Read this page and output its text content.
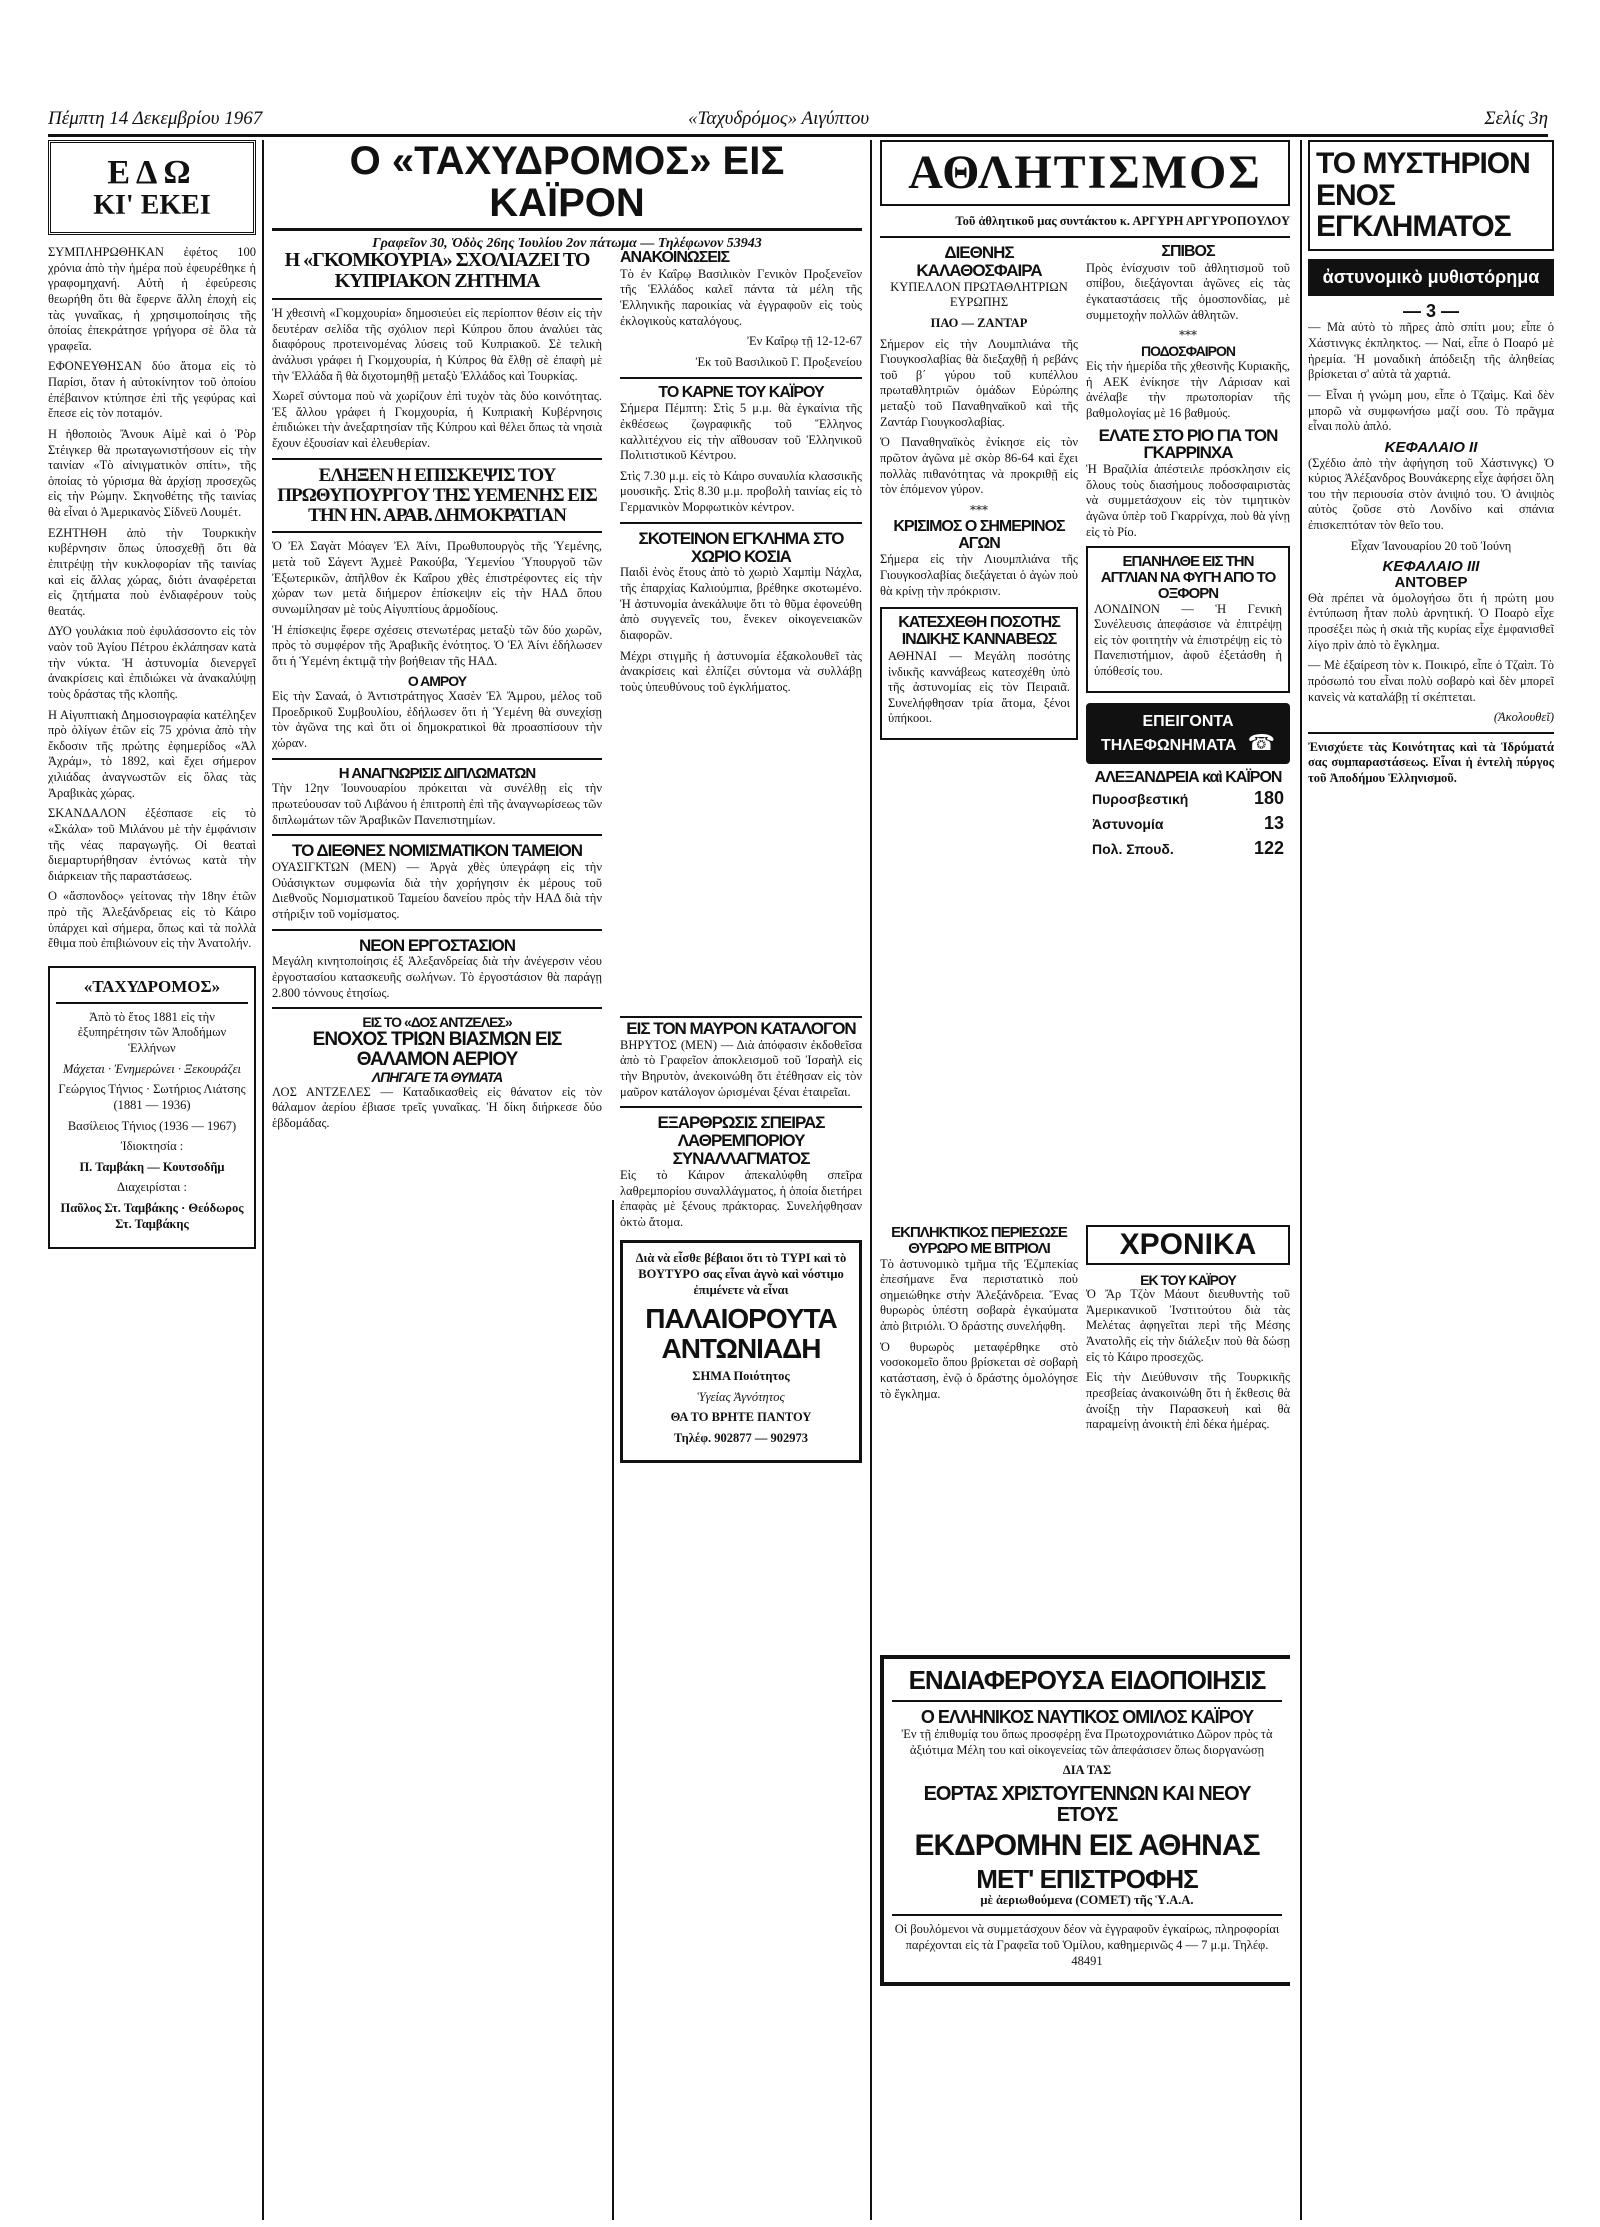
Πέμπτη 14 Δεκεμβρίου 1967	«Ταχυδρόμος» Αιγύπτου	Σελίς 3η
ΕΔΩ
ΚΙ' ΕΚΕΙ

ΣΥΜΠΛΗΡΩΘΗΚΑΝ ἐφέτος 100 χρόνια ἀπὸ τὴν ἡμέρα ποὺ ἐφευρέθηκε ἡ γραφομηχανή. Αὐτὴ ἡ ἐφεύρεσις θεωρήθη ὅτι θὰ ἔφερνε ἄλλη ἐποχὴ εἰς τὰς γυναῖκας, ἡ χρησιμοποίησις τῆς ὁποίας ἐπεκράτησε γρήγορα σὲ ὅλα τὰ γραφεῖα.

ΕΦΟΝΕΥΘΗΣΑΝ δύο ἄτομα εἰς τὸ Παρίσι, ὅταν ἡ αὐτοκίνητον τοῦ ὁποίου ἐπέβαινον κτύπησε ἐπὶ τῆς γεφύρας καὶ ἔπεσε εἰς τὸν ποταμόν.

Η ἠθοποιὸς Ἄνουκ Αἰμὲ καὶ ὁ Ῥὸρ Στέιγκερ θὰ πρωταγωνιστήσουν εἰς τὴν ταινίαν «Τὸ αἰνιγματικὸν σπίτι», τῆς ὁποίας τὸ γύρισμα θὰ ἀρχίσῃ προσεχῶς εἰς τὴν Ρώμην. Σκηνοθέτης τῆς ταινίας θὰ εἶναι ὁ Ἀμερικανὸς Σίδνεϋ Λουμέτ.

ΕΖΗΤΗΘΗ ἀπὸ τὴν Τουρκικὴν κυβέρνησιν ὅπως ὑποσχεθῇ ὅτι θὰ ἐπιτρέψῃ τὴν κυκλοφορίαν τῆς ταινίας καὶ εἰς ἄλλας χώρας, διότι ἀναφέρεται εἰς ζητήματα ποὺ ἐνδιαφέρουν τοὺς θεατάς.

ΔΥΟ γουλάκια ποὺ ἐφυλάσσοντο εἰς τὸν ναὸν τοῦ Ἁγίου Πέτρου ἐκλάπησαν κατὰ τὴν νύκτα. Ἡ ἀστυνομία διενεργεῖ ἀνακρίσεις καὶ ἐπιδιώκει νὰ ἀνακαλύψῃ τοὺς δράστας τῆς κλοπῆς.

Η Αἰγυπτιακὴ Δημοσιογραφία κατέληξεν πρὸ ὀλίγων ἐτῶν εἰς 75 χρόνια ἀπὸ τὴν ἔκδοσιν τῆς πρώτης ἐφημερίδος «Ἀλ Ἀχράμ», τὸ 1892, καὶ ἔχει σήμερον χιλιάδας ἀναγνωστῶν εἰς ὅλας τὰς Ἀραβικὰς χώρας.

ΣΚΑΝΔΑΛΟΝ ἐξέσπασε εἰς τὸ «Σκάλα» τοῦ Μιλάνου μὲ τὴν ἐμφάνισιν τῆς νέας παραγωγῆς. Οἱ θεαταὶ διεμαρτυρήθησαν ἐντόνως κατὰ τὴν διάρκειαν τῆς παραστάσεως.

Ο «ἄσπονδος» γείτονας τὴν 18ην ἐτῶν πρὸ τῆς Ἀλεξάνδρειας εἰς τὸ Κάιρο ὑπάρχει καὶ σήμερα, ὅπως καὶ τὰ πολλὰ ἔθιμα ποὺ ἐπιβιώνουν εἰς τὴν Ἀνατολήν.

«ΤΑΧΥΔΡΟΜΟΣ»
Ἀπὸ τὸ ἔτος 1881 εἰς τὴν ἐξυπηρέτησιν τῶν Ἀποδήμων Ἑλλήνων
Μάχεται · Ἐνημερώνει · Ξεκουράζει
Γεώργιος Τήνιος · Σωτήριος Λιάτσης (1881 — 1936)
Βασίλειος Τήνιος (1936 — 1967)
Ἰδιοκτησία :
Π. Ταμβάκη — Κουτσοδῆμ
Διαχειρίσται :
Παῦλος Στ. Ταμβάκης · Θεόδωρος Στ. Ταμβάκης
Ο «ΤΑΧΥΔΡΟΜΟΣ» ΕΙΣ ΚΑΪΡΟΝ
Γραφεῖον 30, Ὁδὸς 26ης Ἰουλίου 2ον πάτωμα — Τηλέφωνον 53943
Η «ΓΚΟΜΚΟΥΡΙΑ» ΣΧΟΛΙΑΖΕΙ ΤΟ ΚΥΠΡΙΑΚΟΝ ΖΗΤΗΜΑ

Ἡ χθεσινὴ «Γκομχουρία» δημοσιεύει εἰς περίοπτον θέσιν εἰς τὴν δευτέραν σελίδα τῆς σχόλιον περὶ Κύπρου ὅπου ἀναλύει τὰς διαφόρους προτεινομένας λύσεις τοῦ Κυπριακοῦ. Σὲ τελικὴ ἀνάλυσι γράφει ἡ Γκομχουρία, ἡ Κύπρος θὰ ἔλθῃ σὲ ἐπαφὴ μὲ τὴν Ἑλλάδα ἢ θὰ διχοτομηθῇ μεταξὺ Ἑλλάδος καὶ Τουρκίας.

Χωρεῖ σύντομα ποὺ νὰ χωρίζουν ἐπὶ τυχὸν τὰς δύο κοινότητας. Ἐξ ἄλλου γράφει ἡ Γκομχουρία, ἡ Κυπριακὴ Κυβέρνησις ἐπιδιώκει τὴν ἀνεξαρτησίαν τῆς Κύπρου καὶ θέλει ὅπως τὰ νησιὰ ἔχουν ἐξουσίαν καὶ ἐλευθερίαν.

ΕΛΗΞΕΝ Η ΕΠΙΣΚΕΨΙΣ ΤΟΥ ΠΡΩΘΥΠΟΥΡΓΟΥ ΤΗΣ ΥΕΜΕΝΗΣ ΕΙΣ ΤΗΝ ΗΝ. ΑΡΑΒ. ΔΗΜΟΚΡΑΤΙΑΝ

Ὁ Ἐλ Σαγὰτ Μόαγεν Ἐλ Ἀίνι, Πρωθυπουργὸς τῆς Ὑεμένης, μετὰ τοῦ Σάγεντ Ἀχμεὲ Ρακούβα, Ὑεμενίου Ὑπουργοῦ τῶν Ἐξωτερικῶν, ἀπῆλθον ἐκ Καΐρου χθὲς ἐπιστρέφοντες εἰς τὴν χώραν των μετὰ διήμερον ἐπίσκεψιν εἰς τὴν ΗΑΔ ὅπου συνωμίλησαν μὲ τοὺς Αἰγυπτίους ἀρμοδίους.

Ἡ ἐπίσκεψις ἔφερε σχέσεις στενωτέρας μεταξὺ τῶν δύο χωρῶν, πρὸς τὸ συμφέρον τῆς Ἀραβικῆς ἑνότητος. Ὁ Ἐλ Ἀίνι ἐδήλωσεν ὅτι ἡ Ὑεμένη ἐκτιμᾷ τὴν βοήθειαν τῆς ΗΑΔ.

Ο ΑΜΡΟΥ

Εἰς τὴν Σαναά, ὁ Ἀντιστράτηγος Χασὲν Ἐλ Ἄμρου, μέλος τοῦ Προεδρικοῦ Συμβουλίου, ἐδήλωσεν ὅτι ἡ Ὑεμένη θὰ συνεχίσῃ τὸν ἀγῶνα της καὶ ὅτι οἱ δημοκρατικοὶ θὰ προασπίσουν τὴν χώραν.

Η ΑΝΑΓΝΩΡΙΣΙΣ ΔΙΠΛΩΜΑΤΩΝ

Τὴν 12ην Ἰουνουαρίου πρόκειται νὰ συνέλθῃ εἰς τὴν πρωτεύουσαν τοῦ Λιβάνου ἡ ἐπιτροπὴ ἐπὶ τῆς ἀναγνωρίσεως τῶν διπλωμάτων τῶν Ἀραβικῶν Πανεπιστημίων.

ΤΟ ΔΙΕΘΝΕΣ ΝΟΜΙΣΜΑΤΙΚΟΝ ΤΑΜΕΙΟΝ

ΟΥΑΣΙΓΚΤΩΝ (ΜΕΝ) — Ἀργὰ χθὲς ὑπεγράφη εἰς τὴν Οὐάσιγκτων συμφωνία διὰ τὴν χορήγησιν ἐκ μέρους τοῦ Διεθνοῦς Νομισματικοῦ Ταμείου δανείου πρὸς τὴν ΗΑΔ διὰ τὴν στήριξιν τοῦ νομίσματος.

ΝΕΟΝ ΕΡΓΟΣΤΑΣΙΟΝ

Μεγάλη κινητοποίησις ἐξ Ἀλεξανδρείας διὰ τὴν ἀνέγερσιν νέου ἐργοστασίου κατασκευῆς σωλήνων. Τὸ ἐργοστάσιον θὰ παράγῃ 2.800 τόννους ἐτησίως.

ΕΙΣ ΤΟ «ΔΟΣ ΑΝΤΖΕΛΕΣ»
ΕΝΟΧΟΣ ΤΡΙΩΝ ΒΙΑΣΜΩΝ ΕΙΣ ΘΑΛΑΜΟΝ ΑΕΡΙΟΥ
ΛΠΗΓΑΓΕ ΤΑ ΘΥΜΑΤΑ

ΛΟΣ ΑΝΤΖΕΛΕΣ — Καταδικασθεὶς εἰς θάνατον εἰς τὸν θάλαμον ἀερίου ἐβιασε τρεῖς γυναῖκας. Ἡ δίκη διήρκεσε δύο ἑβδομάδας.

ΕΙΣ ΤΟΝ ΜΑΥΡΟΝ ΚΑΤΑΛΟΓΟΝ

ΒΗΡΥΤΟΣ (ΜΕΝ) — Διὰ ἀπόφασιν ἐκδοθεῖσα ἀπὸ τὸ Γραφεῖον ἀποκλεισμοῦ τοῦ Ἰσραὴλ εἰς τὴν Βηρυτὸν, ἀνεκοινώθη ὅτι ἐτέθησαν εἰς τὸν μαῦρον κατάλογον ὡρισμέναι ξέναι ἑταιρεῖαι.

ΕΞΑΡΘΡΩΣΙΣ ΣΠΕΙΡΑΣ ΛΑΘΡΕΜΠΟΡΙΟΥ ΣΥΝΑΛΛΑΓΜΑΤΟΣ

Εἰς τὸ Κάιρον ἀπεκαλύφθη σπεῖρα λαθρεμπορίου συναλλάγματος, ἡ ὁποία διετήρει ἐπαφὰς μὲ ξένους πράκτορας. Συνελήφθησαν ὀκτὼ ἄτομα.

Διὰ νὰ εἶσθε βέβαιοι ὅτι τὸ ΤΥΡΙ καὶ τὸ ΒΟΥΤΥΡΟ σας εἶναι ἀγνὸ καὶ νόστιμο ἐπιμένετε νὰ εἶναι
ΠΑΛΑΙΟΡΟΥΤΑ ΑΝΤΩΝΙΑΔΗ
ΣΗΜΑ Ποιότητος
Ὑγείας Ἀγνότητος
ΘΑ ΤΟ ΒΡΗΤΕ ΠΑΝΤΟΥ
Τηλέφ. 902877 — 902973
ΑΝΑΚΟΙΝΩΣΕΙΣ

Τὸ ἐν Καΐρῳ Βασιλικὸν Γενικὸν Προξενεῖον τῆς Ἑλλάδος καλεῖ πάντα τὰ μέλη τῆς Ἑλληνικῆς παροικίας νὰ ἐγγραφοῦν εἰς τοὺς ἐκλογικοὺς καταλόγους.

Ἐν Καΐρῳ τῇ 12-12-67
Ἐκ τοῦ Βασιλικοῦ Γ. Προξενείου
ΤΟ ΚΑΡΝΕ ΤΟΥ ΚΑΪΡΟΥ

Σήμερα Πέμπτη: Στὶς 5 μ.μ. θὰ ἐγκαίνια τῆς ἐκθέσεως ζωγραφικῆς τοῦ Ἕλληνος καλλιτέχνου εἰς τὴν αἴθουσαν τοῦ Ἑλληνικοῦ Πολιτιστικοῦ Κέντρου.

Στὶς 7.30 μ.μ. εἰς τὸ Κάιρο συναυλία κλασσικῆς μουσικῆς. Στὶς 8.30 μ.μ. προβολὴ ταινίας εἰς τὸ Γερμανικὸν Μορφωτικὸν κέντρον.

ΣΚΟΤΕΙΝΟΝ ΕΓΚΛΗΜΑ ΣΤΟ ΧΩΡΙΟ ΚΟΣΙΑ

Παιδὶ ἐνὸς ἔτους ἀπὸ τὸ χωριὸ Χαμπὶμ Νάχλα, τῆς ἐπαρχίας Καλιούμπια, βρέθηκε σκοτωμένο. Ἡ ἀστυνομία ἀνεκάλυψε ὅτι τὸ θῦμα ἐφονεύθη ἀπὸ συγγενεῖς του, ἕνεκεν οἰκογενειακῶν διαφορῶν.

Μέχρι στιγμῆς ἡ ἀστυνομία ἐξακολουθεῖ τὰς ἀνακρίσεις καὶ ἐλπίζει σύντομα νὰ συλλάβῃ τοὺς ὑπευθύνους τοῦ ἐγκλήματος.

ΑΘΛΗΤΙΣΜΟΣ
Τοῦ ἀθλητικοῦ μας συντάκτου κ. ΑΡΓΥΡΗ ΑΡΓΥΡΟΠΟΥΛΟΥ
ΔΙΕΘΝΗΣ ΚΑΛΑΘΟΣΦΑΙΡΑ
ΚΥΠΕΛΛΟΝ ΠΡΩΤΑΘΛΗΤΡΙΩΝ ΕΥΡΩΠΗΣ
ΠΑΟ — ΖΑΝΤΑΡ

Σήμερον εἰς τὴν Λουμπλιάνα τῆς Γιουγκοσλαβίας θὰ διεξαχθῇ ἡ ρεβάνς τοῦ β΄ γύρου τοῦ κυπέλλου πρωταθλητριῶν ὁμάδων Εὐρώπης μεταξὺ τοῦ Παναθηναϊκοῦ καὶ τῆς Ζαντάρ Γιουγκοσλαβίας.

Ὁ Παναθηναϊκὸς ἐνίκησε εἰς τὸν πρῶτον ἀγῶνα μὲ σκὸρ 86-64 καὶ ἔχει πολλὰς πιθανότητας νὰ προκριθῇ εἰς τὸν ἑπόμενον γύρον.

***
ΚΡΙΣΙΜΟΣ Ο ΣΗΜΕΡΙΝΟΣ ΑΓΩΝ

Σήμερα εἰς τὴν Λιουμπλιάνα τῆς Γιουγκοσλαβίας διεξάγεται ὁ ἀγὼν ποὺ θὰ κρίνῃ τὴν πρόκρισιν.

ΚΑΤΕΣΧΕΘΗ ΠΟΣΟΤΗΣ ΙΝΔΙΚΗΣ ΚΑΝΝΑΒΕΩΣ

ΑΘΗΝΑΙ — Μεγάλη ποσότης ἰνδικῆς καννάβεως κατεσχέθη ὑπὸ τῆς ἀστυνομίας εἰς τὸν Πειραιᾶ. Συνελήφθησαν τρία ἄτομα, ξένοι ὑπήκοοι.

ΣΠΙΒΟΣ

Πρὸς ἐνίσχυσιν τοῦ ἀθλητισμοῦ τοῦ σπίβου, διεξάγονται ἀγῶνες εἰς τὰς ἐγκαταστάσεις τῆς ὁμοσπονδίας, μὲ συμμετοχὴν πολλῶν ἀθλητῶν.

***
ΠΟΔΟΣΦΑΙΡΟΝ

Εἰς τὴν ἡμερίδα τῆς χθεσινῆς Κυριακῆς, ἡ ΑΕΚ ἐνίκησε τὴν Λάρισαν καὶ ἀνέλαβε τὴν πρωτοπορίαν τῆς βαθμολογίας μὲ 16 βαθμούς.

ΕΛΑΤΕ ΣΤΟ ΡΙΟ ΓΙΑ ΤΟΝ ΓΚΑΡΡΙΝΧΑ

Ἡ Βραζιλία ἀπέστειλε πρόσκλησιν εἰς ὅλους τοὺς διασήμους ποδοσφαιριστὰς νὰ συμμετάσχουν εἰς τὸν τιμητικὸν ἀγῶνα ὑπὲρ τοῦ Γκαρρίνχα, ποὺ θὰ γίνῃ εἰς τὸ Ρίο.

ΕΠΑΝΗΛΘΕ ΕΙΣ ΤΗΝ ΑΓΓΛΙΑΝ ΝΑ ΦΥΓΗ ΑΠΟ ΤΟ ΟΞΦΟΡΝ

ΛΟΝΔΙΝΟΝ — Ἡ Γενικὴ Συνέλευσις ἀπεφάσισε νὰ ἐπιτρέψῃ εἰς τὸν φοιτητὴν νὰ ἐπιστρέψῃ εἰς τὸ Πανεπιστήμιον, ἀφοῦ ἐξετάσθη ἡ ὑπόθεσίς του.

ΕΠΕΙΓΟΝΤΑ ΤΗΛΕΦΩΝΗΜΑΤΑ ☎
ΑΛΕΞΑΝΔΡΕΙΑ καὶ ΚΑΪΡΟΝ
Πυροσβεστική	180
Ἀστυνομία	13
Πολ. Σπουδ.	122
ΕΝΔΙΑΦΕΡΟΥΣΑ ΕΙΔΟΠΟΙΗΣΙΣ
Ο ΕΛΛΗΝΙΚΟΣ ΝΑΥΤΙΚΟΣ ΟΜΙΛΟΣ ΚΑΪΡΟΥ

Ἐν τῇ ἐπιθυμίᾳ του ὅπως προσφέρῃ ἕνα Πρωτοχρονιάτικο Δῶρον πρὸς τὰ ἀξιότιμα Μέλη του καὶ οἰκογενείας τῶν ἀπεφάσισεν ὅπως διοργανώσῃ

ΔΙΑ ΤΑΣ
ΕΟΡΤΑΣ ΧΡΙΣΤΟΥΓΕΝΝΩΝ ΚΑΙ ΝΕΟΥ ΕΤΟΥΣ
ΕΚΔΡΟΜΗΝ ΕΙΣ ΑΘΗΝΑΣ
ΜΕΤ' ΕΠΙΣΤΡΟΦΗΣ
μὲ ἀεριωθούμενα (COMET) τῆς Ὑ.Α.Α.

Οἱ βουλόμενοι νὰ συμμετάσχουν δέον νὰ ἐγγραφοῦν ἐγκαίρως, πληροφορίαι παρέχονται εἰς τὰ Γραφεῖα τοῦ Ὁμίλου, καθημερινῶς 4 — 7 μ.μ. Τηλέφ. 48491

ΤΟ ΜΥΣΤΗΡΙΟΝ ΕΝΟΣ ΕΓΚΛΗΜΑΤΟΣ
ἀστυνομικὸ μυθιστόρημα
— 3 —

— Μὰ αὐτὸ τὸ πῆρες ἀπὸ σπίτι μου; εἶπε ὁ Χάστινγκς ἐκπληκτος. — Ναί, εἶπε ὁ Ποαρό μὲ ἠρεμία. Ἡ μοναδικὴ ἀπόδειξη τῆς ἀληθείας βρίσκεται σ' αὐτὰ τὰ χαρτιά.

— Εἶναι ἡ γνώμη μου, εἶπε ὁ Τζαὶμς. Καὶ δὲν μπορῶ νὰ συμφωνήσω μαζί σου. Τὸ πρᾶγμα εἶναι πολὺ ἁπλό.

ΚΕΦΑΛΑΙΟ ΙΙ

(Σχέδιο ἀπὸ τὴν ἀφήγηση τοῦ Χάστινγκς) Ὁ κύριος Ἀλέξανδρος Βουνάκερης εἶχε ἀφήσει ὅλη του τὴν περιουσία στὸν ἀνιψιό του. Ὁ ἀνιψιὸς αὐτὸς ζοῦσε στὸ Λονδίνο καὶ σπάνια ἐπισκεπτόταν τὸν θεῖο του.

Εἶχαν Ἰανουαρίου 20 τοῦ Ἰούνη
ΚΕΦΑΛΑΙΟ ΙΙΙ
ΑΝΤΟΒΕΡ

Θὰ πρέπει νὰ ὁμολογήσω ὅτι ἡ πρώτη μου ἐντύπωση ἦταν πολὺ ἀρνητική. Ὁ Ποαρὸ εἶχε προσέξει πὼς ἡ σκιὰ τῆς κυρίας εἶχε ἐμφανισθεῖ λίγο πρὶν ἀπὸ τὸ ἔγκλημα.

— Μὲ ἐξαίρεση τὸν κ. Ποικιρό, εἶπε ὁ Τζαὶπ. Τὸ πρόσωπό του εἶναι πολὺ σοβαρὸ καὶ δὲν μπορεῖ κανεὶς νὰ καταλάβῃ τί σκέπτεται.

(Ἀκολουθεῖ)

Ἐνισχύετε τὰς Κοινότητας καὶ τὰ Ἱδρύματά σας συμπαραστάσεως. Εἶναι ἡ ἐντελὴ πύργος τοῦ Ἀποδήμου Ἑλληνισμοῦ.

ΕΚΠΛΗΚΤΙΚΟΣ ΠΕΡΙΕΣΩΣΕ ΘΥΡΩΡΟ ΜΕ ΒΙΤΡΙΟΛΙ

Τὸ ἀστυνομικὸ τμῆμα τῆς Ἐζμπεκίας ἐπεσήμανε ἕνα περιστατικὸ ποὺ σημειώθηκε στὴν Ἀλεξάνδρεια. Ἕνας θυρωρὸς ὑπέστη σοβαρὰ ἐγκαύματα ἀπὸ βιτριόλι. Ὁ δράστης συνελήφθη.

Ὁ θυρωρὸς μεταφέρθηκε στὸ νοσοκομεῖο ὅπου βρίσκεται σὲ σοβαρὴ κατάσταση, ἐνῷ ὁ δράστης ὁμολόγησε τὸ ἔγκλημα.

ΧΡΟΝΙΚΑ
ΕΚ ΤΟΥ ΚΑΪΡΟΥ

Ὁ Ἄρ Τζὸν Μάουτ διευθυντὴς τοῦ Ἀμερικανικοῦ Ἰνστιτούτου διὰ τὰς Μελέτας ἀφηγεῖται περὶ τῆς Μέσης Ἀνατολῆς εἰς τὴν διάλεξιν ποὺ θὰ δώσῃ εἰς τὸ Κάιρο προσεχῶς.

Εἰς τὴν Διεύθυνσιν τῆς Τουρκικῆς πρεσβείας ἀνακοινώθη ὅτι ἡ ἔκθεσις θὰ ἀνοίξῃ τὴν Παρασκευὴ καὶ θὰ παραμείνῃ ἀνοικτὴ ἐπὶ δέκα ἡμέρας.
